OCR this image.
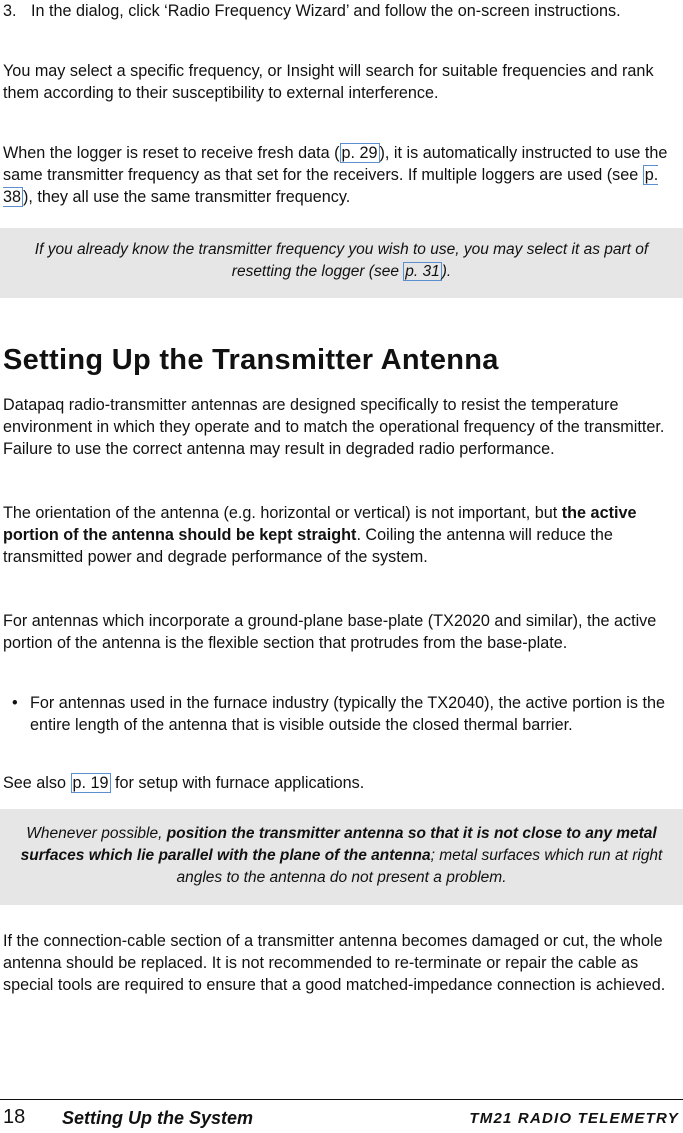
3. In the dialog, click ‘Radio Frequency Wizard’ and follow the on-screen instructions.

You may select a specific frequency, or Insight will search for suitable frequencies and rank them according to their susceptibility to external interference.

When the logger is reset to receive fresh data ( p. 29 ), it is automatically instructed to use the same transmitter frequency as that set for the receivers. If multiple loggers are used (see p. 38 ), they all use the same transmitter frequency.

If you already know the transmitter frequency you wish to use, you may select it as part of resetting the logger (see p. 31 ).
Setting Up the Transmitter Antenna

Datapaq radio-transmitter antennas are designed specifically to resist the temperature environment in which they operate and to match the operational frequency of the transmitter. Failure to use the correct antenna may result in degraded radio performance.

The orientation of the antenna (e.g. horizontal or vertical) is not important, but the active portion of the antenna should be kept straight. Coiling the antenna will reduce the transmitted power and degrade performance of the system.

For antennas which incorporate a ground-plane base-plate (TX2020 and similar), the active portion of the antenna is the flexible section that protrudes from the base-plate.

• For antennas used in the furnace industry (typically the TX2040), the active portion is the entire length of the antenna that is visible outside the closed thermal barrier.

See also p. 19 for setup with furnace applications.

Whenever possible, position the transmitter antenna so that it is not close to any metal surfaces which lie parallel with the plane of the antenna; metal surfaces which run at right angles to the antenna do not present a problem.

If the connection-cable section of a transmitter antenna becomes damaged or cut, the whole antenna should be replaced. It is not recommended to re-terminate or repair the cable as special tools are required to ensure that a good matched-impedance connection is achieved.

18 Setting Up the System	TM21 RADIO TELEMETRY
